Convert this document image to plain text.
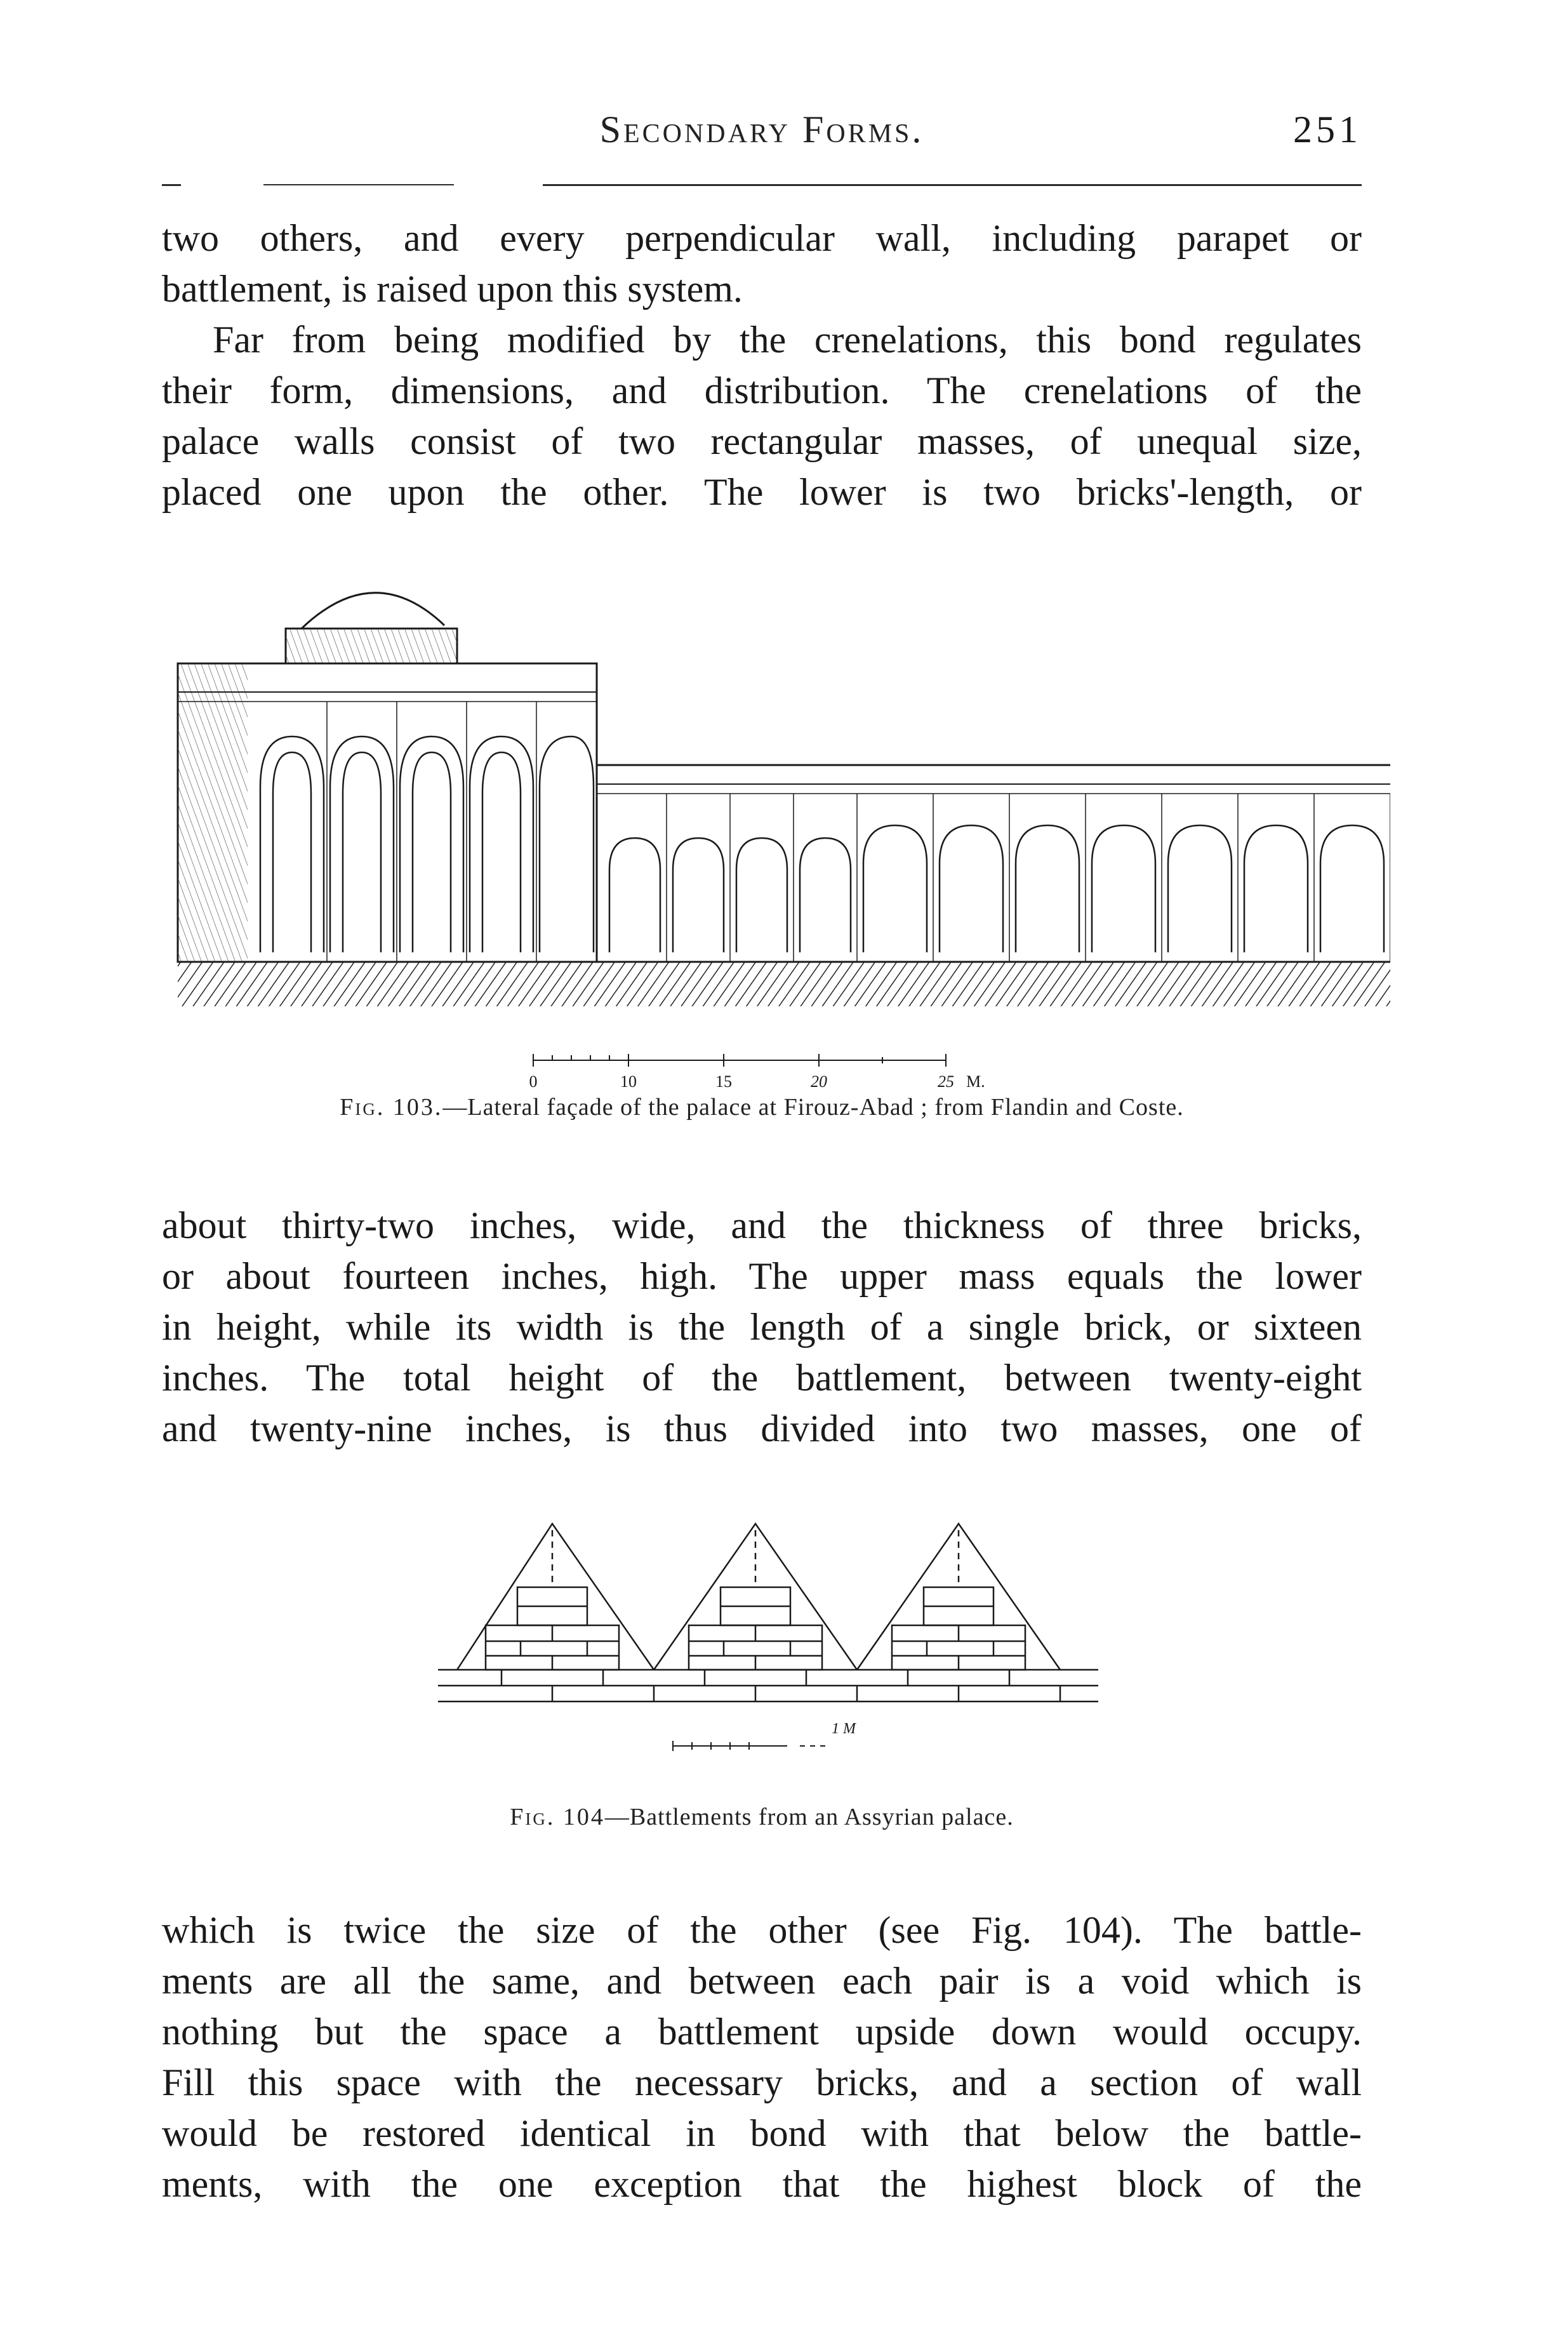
Secondary Forms.	251

two others, and every perpendicular wall, including parapet or

battlement, is raised upon this system.

Far from being modified by the crenelations, this bond regulates

their form, dimensions, and distribution. The crenelations of the

palace walls consist of two rectangular masses, of unequal size,

placed one upon the other. The lower is two bricks'-length, or

0	10	15	20	25 M.
Fig. 103.—Lateral façade of the palace at Firouz-Abad ; from Flandin and Coste.

about thirty-two inches, wide, and the thickness of three bricks,

or about fourteen inches, high. The upper mass equals the lower

in height, while its width is the length of a single brick, or sixteen

inches. The total height of the battlement, between twenty-eight

and twenty-nine inches, is thus divided into two masses, one of

1 M
Fig. 104—Battlements from an Assyrian palace.

which is twice the size of the other (see Fig. 104). The battle-

ments are all the same, and between each pair is a void which is

nothing but the space a battlement upside down would occupy.

Fill this space with the necessary bricks, and a section of wall

would be restored identical in bond with that below the battle-

ments, with the one exception that the highest block of the
